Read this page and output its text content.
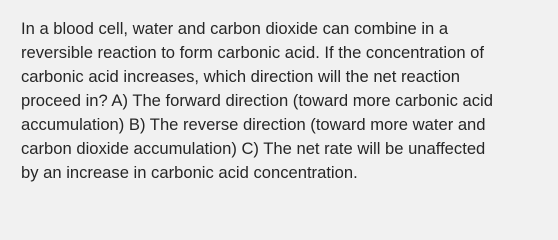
In a blood cell, water and carbon dioxide can combine in a
reversible reaction to form carbonic acid. If the concentration of
carbonic acid increases, which direction will the net reaction
proceed in? A) The forward direction (toward more carbonic acid
accumulation) B) The reverse direction (toward more water and
carbon dioxide accumulation) C) The net rate will be unaffected
by an increase in carbonic acid concentration.
